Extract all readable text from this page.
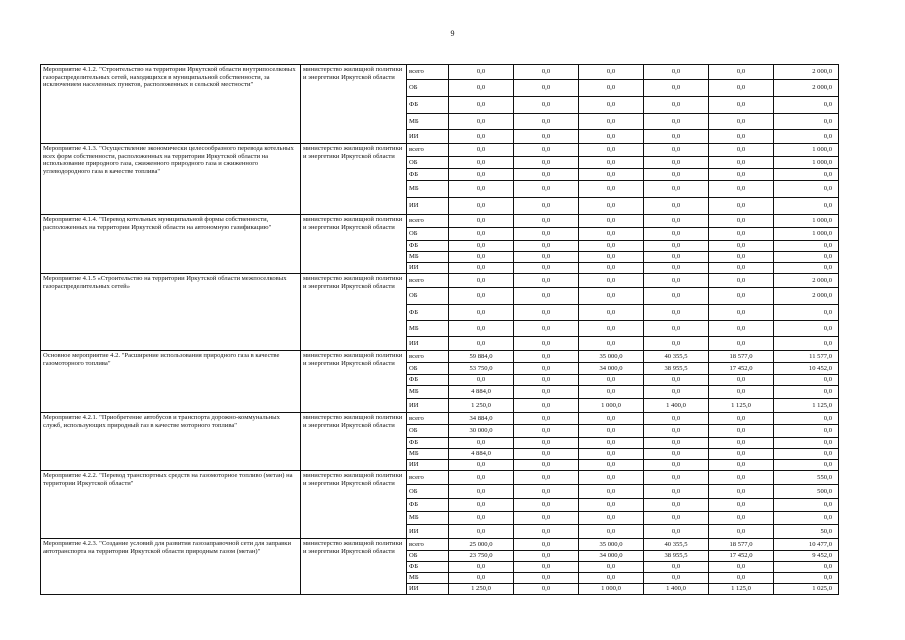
9
Мероприятие 4.1.2. "Строительство на территории Иркутской области внутрипоселковых газораспределительных сетей, находящихся в муниципальной собственности, за исключением населенных пунктов, расположенных в сельской местности"	министерство жилищной политики и энергетики Иркутской области	всего	0,0	0,0	0,0	0,0	0,0	2 000,0
		ОБ	0,0	0,0	0,0	0,0	0,0	2 000,0
		ФБ	0,0	0,0	0,0	0,0	0,0	0,0
		МБ	0,0	0,0	0,0	0,0	0,0	0,0
		ИИ	0,0	0,0	0,0	0,0	0,0	0,0
Мероприятие 4.1.3. "Осуществление экономически целесообразного перевода котельных всех форм собственности, расположенных на территории Иркутской области на использование природного газа, сжиженного природного газа и сжиженного углеводородного газа в качестве топлива"	министерство жилищной политики и энергетики Иркутской области	всего	0,0	0,0	0,0	0,0	0,0	1 000,0
		ОБ	0,0	0,0	0,0	0,0	0,0	1 000,0
		ФБ	0,0	0,0	0,0	0,0	0,0	0,0
		МБ	0,0	0,0	0,0	0,0	0,0	0,0
		ИИ	0,0	0,0	0,0	0,0	0,0	0,0
Мероприятие 4.1.4. "Перевод котельных муниципальной формы собственности, расположенных на территории Иркутской области на автономную газификацию"	министерство жилищной политики и энергетики Иркутской области	всего	0,0	0,0	0,0	0,0	0,0	1 000,0
		ОБ	0,0	0,0	0,0	0,0	0,0	1 000,0
		ФБ	0,0	0,0	0,0	0,0	0,0	0,0
		МБ	0,0	0,0	0,0	0,0	0,0	0,0
		ИИ	0,0	0,0	0,0	0,0	0,0	0,0
Мероприятие 4.1.5 «Строительство на территории Иркутской области межпоселковых газораспределительных сетей»	министерство жилищной политики и энергетики Иркутской области	всего	0,0	0,0	0,0	0,0	0,0	2 000,0
		ОБ	0,0	0,0	0,0	0,0	0,0	2 000,0
		ФБ	0,0	0,0	0,0	0,0	0,0	0,0
		МБ	0,0	0,0	0,0	0,0	0,0	0,0
		ИИ	0,0	0,0	0,0	0,0	0,0	0,0
Основное мероприятие 4.2. "Расширение использования природного газа в качестве газомоторного топлива"	министерство жилищной политики и энергетики Иркутской области	всего	59 884,0	0,0	35 000,0	40 355,5	18 577,0	11 577,0
		ОБ	53 750,0	0,0	34 000,0	38 955,5	17 452,0	10 452,0
		ФБ	0,0	0,0	0,0	0,0	0,0	0,0
		МБ	4 884,0	0,0	0,0	0,0	0,0	0,0
		ИИ	1 250,0	0,0	1 000,0	1 400,0	1 125,0	1 125,0
Мероприятие 4.2.1. "Приобретение автобусов и транспорта дорожно-коммунальных служб, использующих природный газ в качестве моторного топлива"	министерство жилищной политики и энергетики Иркутской области	всего	34 884,0	0,0	0,0	0,0	0,0	0,0
		ОБ	30 000,0	0,0	0,0	0,0	0,0	0,0
		ФБ	0,0	0,0	0,0	0,0	0,0	0,0
		МБ	4 884,0	0,0	0,0	0,0	0,0	0,0
		ИИ	0,0	0,0	0,0	0,0	0,0	0,0
Мероприятие 4.2.2. "Перевод транспортных средств на газомоторное топливо (метан) на территории Иркутской области"	министерство жилищной политики и энергетики Иркутской области	всего	0,0	0,0	0,0	0,0	0,0	550,0
		ОБ	0,0	0,0	0,0	0,0	0,0	500,0
		ФБ	0,0	0,0	0,0	0,0	0,0	0,0
		МБ	0,0	0,0	0,0	0,0	0,0	0,0
		ИИ	0,0	0,0	0,0	0,0	0,0	50,0
Мероприятие 4.2.3. "Создание условий для развития газозаправочной сети для заправки автотранспорта на территории Иркутской области природным газом (метан)"	министерство жилищной политики и энергетики Иркутской области	всего	25 000,0	0,0	35 000,0	40 355,5	18 577,0	10 477,0
		ОБ	23 750,0	0,0	34 000,0	38 955,5	17 452,0	9 452,0
		ФБ	0,0	0,0	0,0	0,0	0,0	0,0
		МБ	0,0	0,0	0,0	0,0	0,0	0,0
		ИИ	1 250,0	0,0	1 000,0	1 400,0	1 125,0	1 025,0
